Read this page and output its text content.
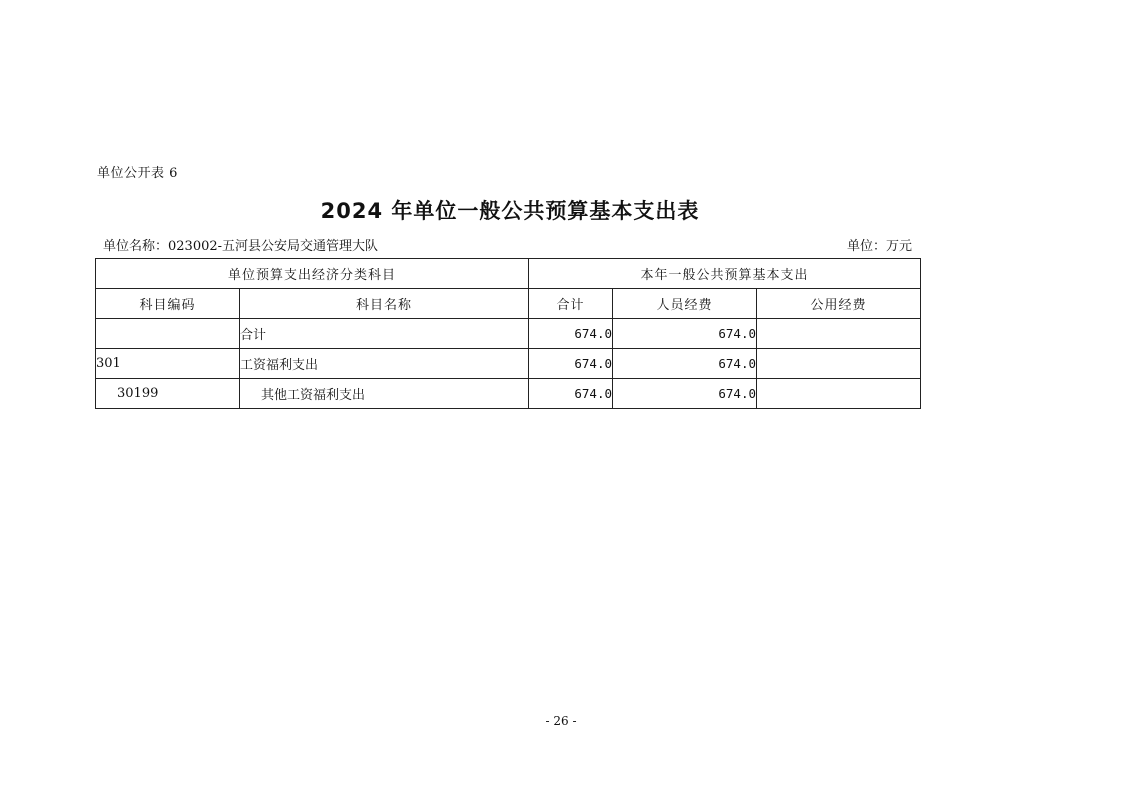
单位公开表 6
2024 年单位一般公共预算基本支出表
单位名称：023002-五河县公安局交通管理大队	单位：万元
单位预算支出经济分类科目		本年一般公共预算基本支出		
科目编码	科目名称	合计	人员经费	公用经费
	合计	674.0	674.0	
301	工资福利支出	674.0	674.0	
30199	其他工资福利支出	674.0	674.0	
- 26 -
